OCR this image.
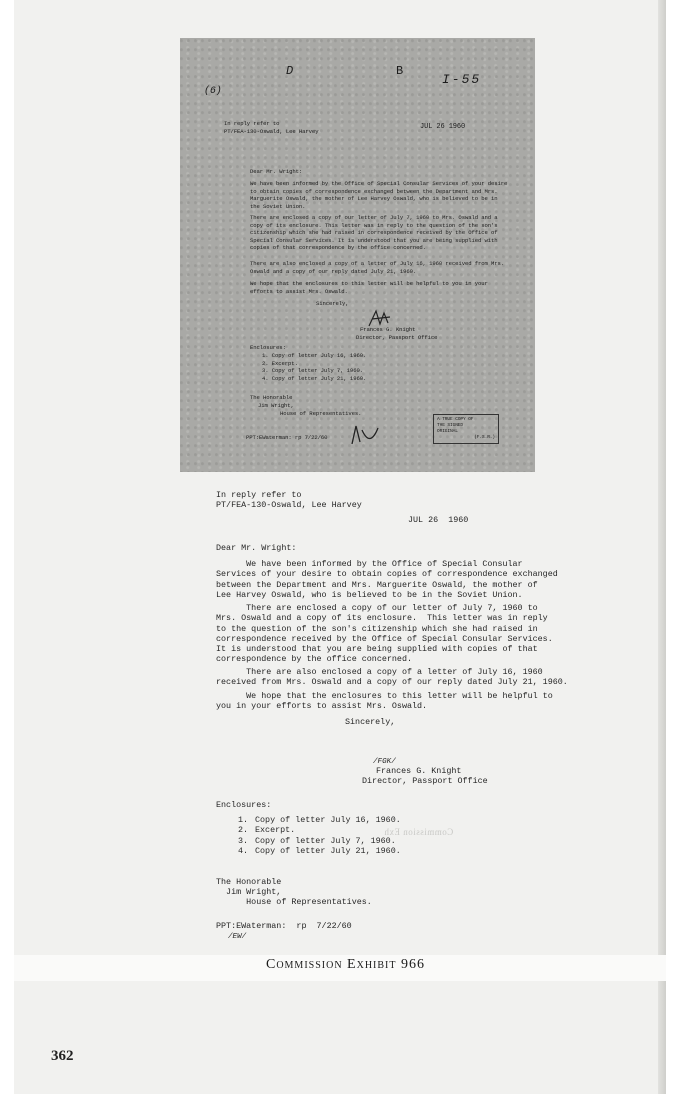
(6)
D	B
I-55
In reply refer to
PT/FEA-130-Oswald, Lee Harvey
JUL 26 1960
Dear Mr. Wright:
We have been informed by the Office of Special Consular Services of your desire to obtain copies of correspondence exchanged between the Department and Mrs. Marguerite Oswald, the mother of Lee Harvey Oswald, who is believed to be in the Soviet Union.
There are enclosed a copy of our letter of July 7, 1960 to Mrs. Oswald and a copy of its enclosure. This letter was in reply to the question of the son's citizenship which she had raised in correspondence received by the Office of Special Consular Services. It is understood that you are being supplied with copies of that correspondence by the office concerned.
There are also enclosed a copy of a letter of July 16, 1960 received from Mrs. Oswald and a copy of our reply dated July 21, 1960.
We hope that the enclosures to this letter will be helpful to you in your efforts to assist Mrs. Oswald.
Sincerely,
Frances G. Knight
Director, Passport Office
Enclosures:
1. Copy of letter July 16, 1960.
2. Excerpt.
3. Copy of letter July 7, 1960.
4. Copy of letter July 21, 1960.
The Honorable
Jim Wright,
House of Representatives.
PPT:EWaterman: rp 7/22/60
A TRUE COPY OF
THE SIGNED
ORIGINAL
(F.S.R.)
In reply refer to
PT/FEA-130-Oswald, Lee Harvey
JUL 26  1960
Dear Mr. Wright:
We have been informed by the Office of Special Consular
Services of your desire to obtain copies of correspondence exchanged
between the Department and Mrs. Marguerite Oswald, the mother of
Lee Harvey Oswald, who is believed to be in the Soviet Union.
There are enclosed a copy of our letter of July 7, 1960 to
Mrs. Oswald and a copy of its enclosure.  This letter was in reply
to the question of the son's citizenship which she had raised in
correspondence received by the Office of Special Consular Services.
It is understood that you are being supplied with copies of that
correspondence by the office concerned.
There are also enclosed a copy of a letter of July 16, 1960
received from Mrs. Oswald and a copy of our reply dated July 21, 1960.
We hope that the enclosures to this letter will be helpful to
you in your efforts to assist Mrs. Oswald.
Sincerely,
/FGK/
Frances G. Knight
Director, Passport Office
Enclosures:
1. Copy of letter July 16, 1960.
2. Excerpt.
3. Copy of letter July 7, 1960.
4. Copy of letter July 21, 1960.
Commission Exh
The Honorable
Jim Wright,
House of Representatives.
PPT:EWaterman:  rp  7/22/60
/EW/
Commission Exhibit 966
362
